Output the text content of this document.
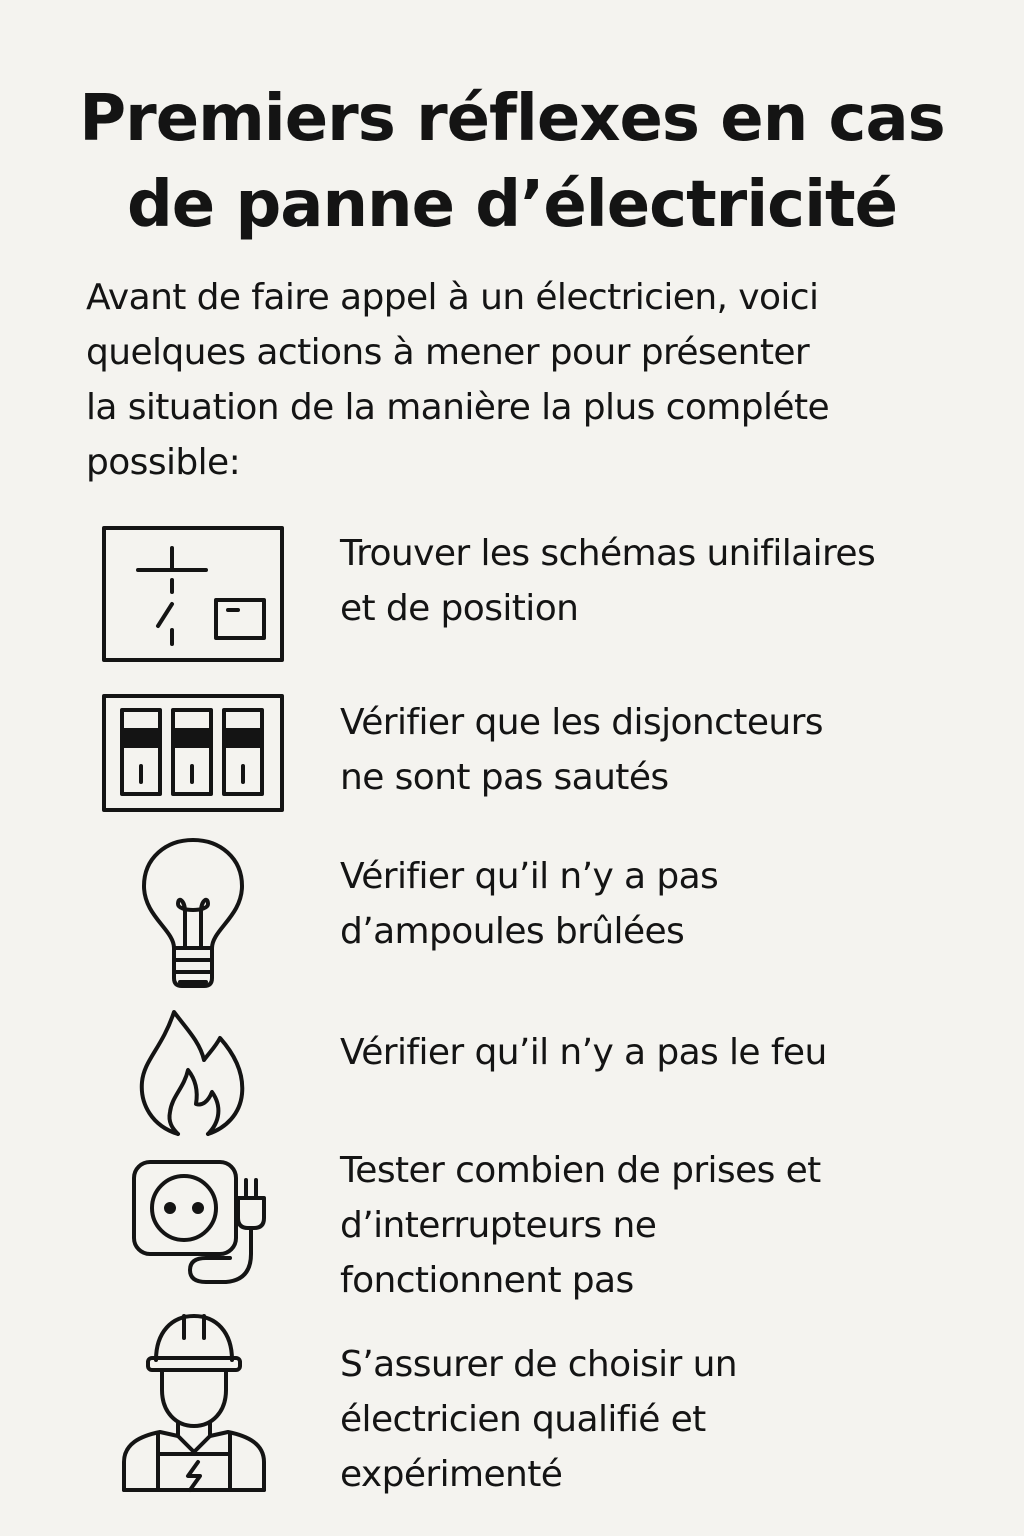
Premiers réflexes en cas
de panne d’électricité

Avant de faire appel à un électricien, voici
quelques actions à mener pour présenter
la situation de la manière la plus compléte
possible:

Trouver les schémas unifilaires
et de position

Vérifier que les disjoncteurs
ne sont pas sautés

Vérifier qu’il n’y a pas
d’ampoules brûlées

Vérifier qu’il n’y a pas le feu

Tester combien de prises et
d’interrupteurs ne
fonctionnent pas

S’assurer de choisir un
électricien qualifié et
expérimenté
